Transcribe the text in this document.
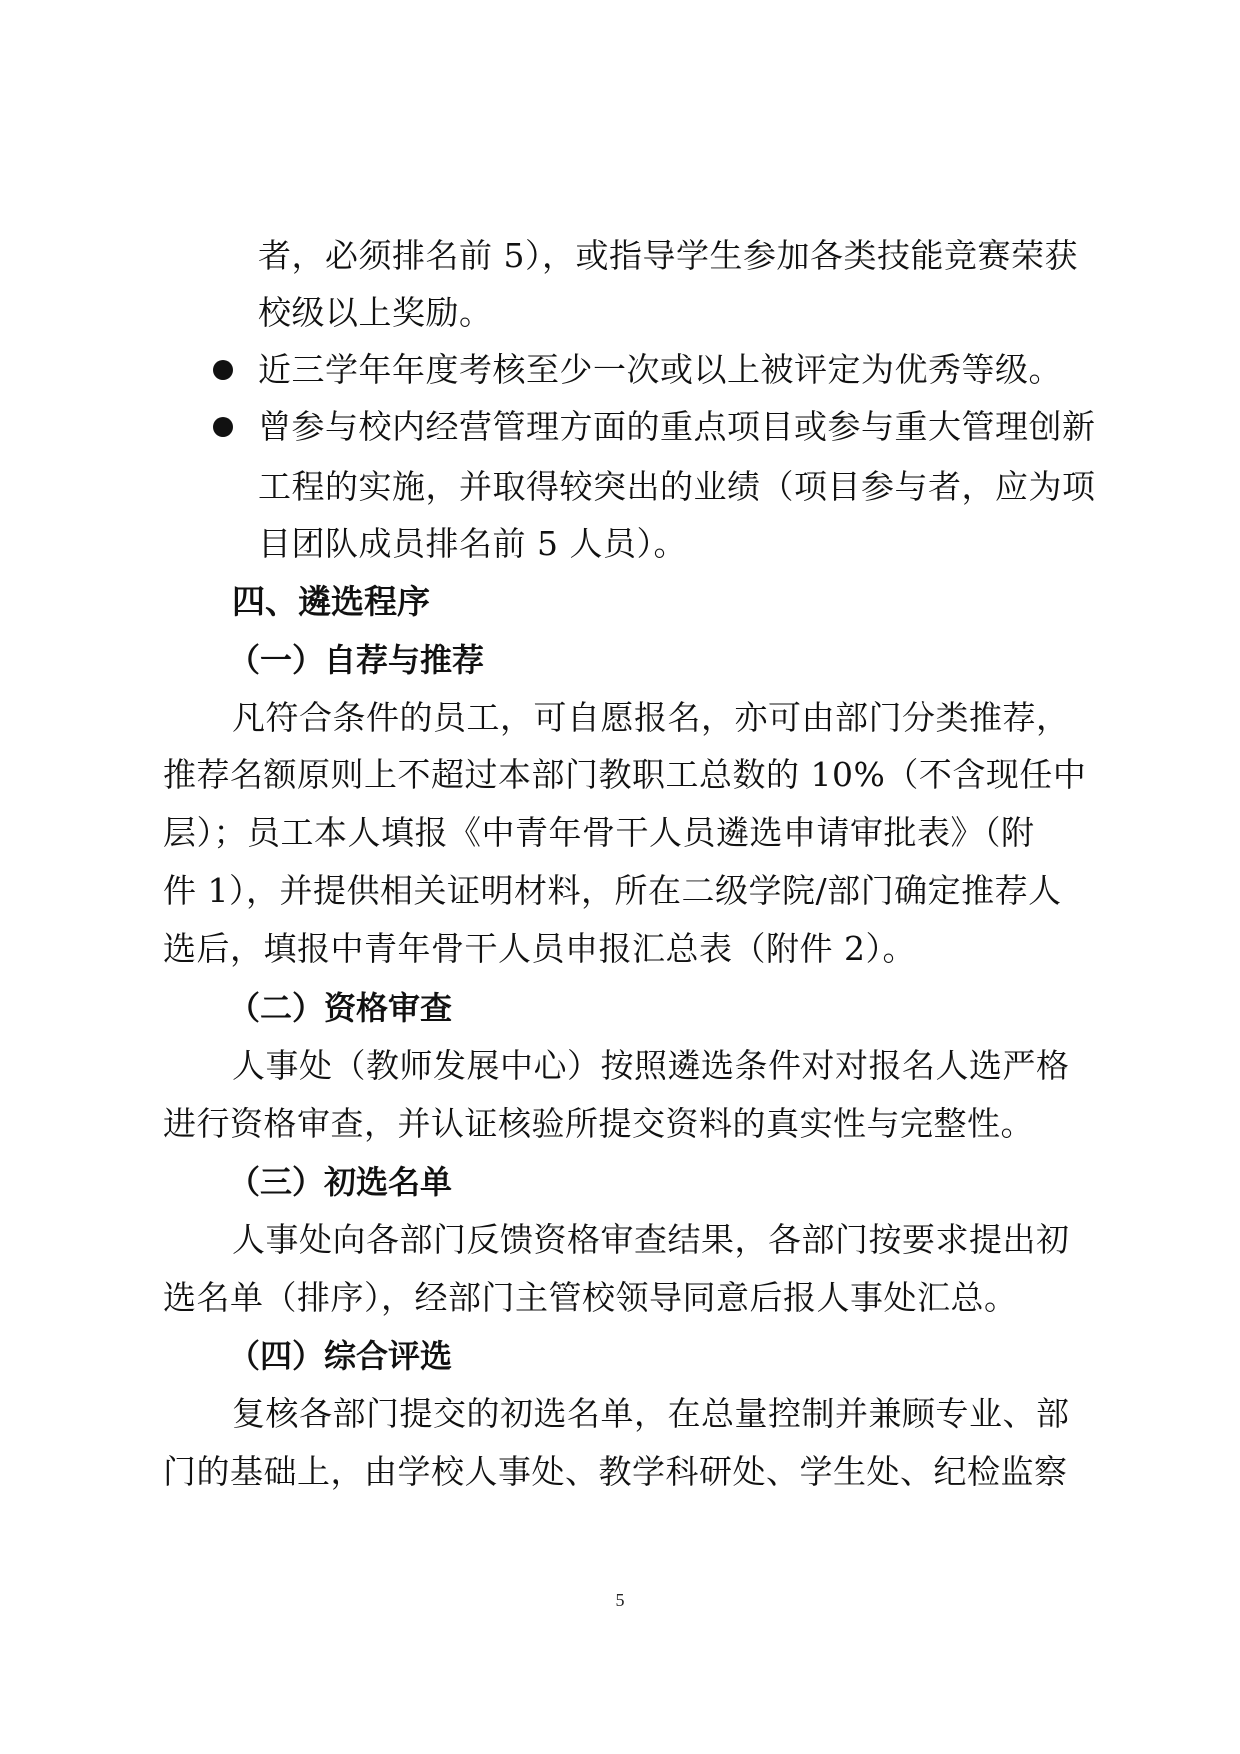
者，必须排名前 5），或指导学生参加各类技能竞赛荣获
校级以上奖励。
近三学年年度考核至少一次或以上被评定为优秀等级。
曾参与校内经营管理方面的重点项目或参与重大管理创新
工程的实施，并取得较突出的业绩（项目参与者，应为项
目团队成员排名前 5 人员）。
四、遴选程序
（一）自荐与推荐
凡符合条件的员工，可自愿报名，亦可由部门分类推荐，
推荐名额原则上不超过本部门教职工总数的 10%（不含现任中
层）；员工本人填报《中青年骨干人员遴选申请审批表》（附
件 1），并提供相关证明材料，所在二级学院/部门确定推荐人
选后，填报中青年骨干人员申报汇总表（附件 2）。
（二）资格审查
人事处（教师发展中心）按照遴选条件对对报名人选严格
进行资格审查，并认证核验所提交资料的真实性与完整性。
（三）初选名单
人事处向各部门反馈资格审查结果，各部门按要求提出初
选名单（排序），经部门主管校领导同意后报人事处汇总。
（四）综合评选
复核各部门提交的初选名单，在总量控制并兼顾专业、部
门的基础上，由学校人事处、教学科研处、学生处、纪检监察
5
